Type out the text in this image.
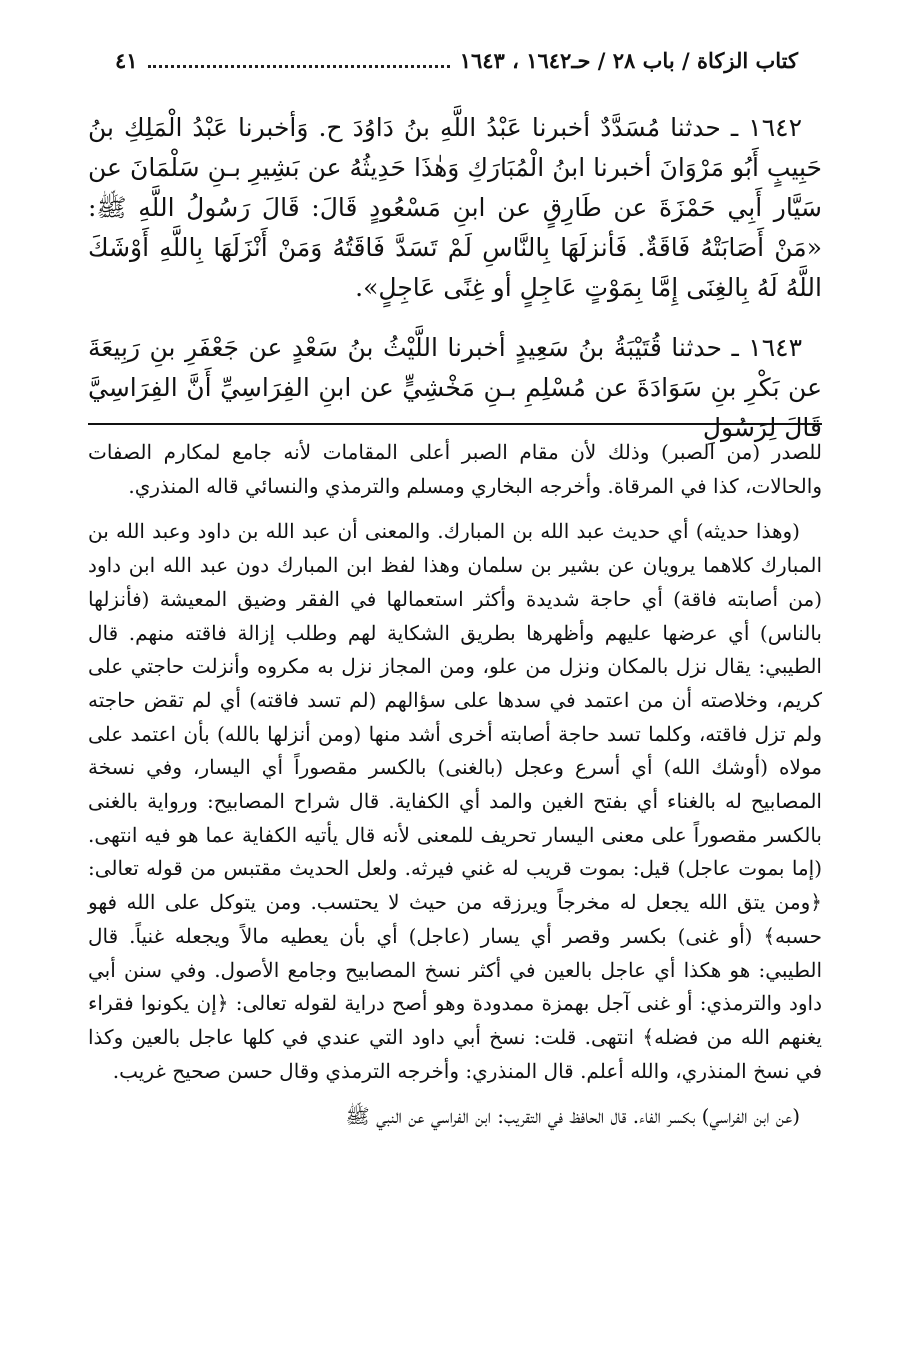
كتاب الزكاة / باب ٢٨ / حـ١٦٤٢ ، ١٦٤٣
٤١

١٦٤٢ ـ حدثنا مُسَدَّدٌ أخبرنا عَبْدُ اللَّهِ بنُ دَاوُدَ ح. وَأخبرنا عَبْدُ الْمَلِكِ بنُ حَبِيبٍ أَبُو مَرْوَانَ أخبرنا ابنُ الْمُبَارَكِ وَهٰذَا حَدِيثُهُ عن بَشِيرِ بـنِ سَلْمَانَ عن سَيَّار أَبِي حَمْزَةَ عن طَارِقٍ عن ابنِ مَسْعُودٍ قَالَ: قَالَ رَسُولُ اللَّهِ ﷺ: «مَنْ أَصَابَتْهُ فَاقَةٌ. فَأنزلَهَا بِالنَّاسِ لَمْ تَسَدَّ فَاقَتُهُ وَمَنْ أَنْزَلَهَا بِاللَّهِ أَوْشَكَ اللَّهُ لَهُ بِالغِنَى إِمَّا بِمَوْتٍ عَاجِلٍ أو غِنًى عَاجِلٍ».

١٦٤٣ ـ حدثنا قُتَيْبَةُ بنُ سَعِيدٍ أخبرنا اللَّيْثُ بنُ سَعْدٍ عن جَعْفَرِ بنِ رَبِيعَةَ عن بَكْرِ بنِ سَوَادَةَ عن مُسْلِمِ بـنِ مَخْشِيٍّ عن ابنِ الفِرَاسِيِّ أَنَّ الفِرَاسِيَّ قَالَ لِرَسُولِ

للصدر (من الصبر) وذلك لأن مقام الصبر أعلى المقامات لأنه جامع لمكارم الصفات والحالات، كذا في المرقاة. وأخرجه البخاري ومسلم والترمذي والنسائي قاله المنذري.

(وهذا حديثه) أي حديث عبد الله بن المبارك. والمعنى أن عبد الله بن داود وعبد الله بن المبارك كلاهما يرويان عن بشير بن سلمان وهذا لفظ ابن المبارك دون عبد الله ابن داود (من أصابته فاقة) أي حاجة شديدة وأكثر استعمالها في الفقر وضيق المعيشة (فأنزلها بالناس) أي عرضها عليهم وأظهرها بطريق الشكاية لهم وطلب إزالة فاقته منهم. قال الطيبي: يقال نزل بالمكان ونزل من علو، ومن المجاز نزل به مكروه وأنزلت حاجتي على كريم، وخلاصته أن من اعتمد في سدها على سؤالهم (لم تسد فاقته) أي لم تقض حاجته ولم تزل فاقته، وكلما تسد حاجة أصابته أخرى أشد منها (ومن أنزلها بالله) بأن اعتمد على مولاه (أوشك الله) أي أسرع وعجل (بالغنى) بالكسر مقصوراً أي اليسار، وفي نسخة المصابيح له بالغناء أي بفتح الغين والمد أي الكفاية. قال شراح المصابيح: ورواية بالغنى بالكسر مقصوراً على معنى اليسار تحريف للمعنى لأنه قال يأتيه الكفاية عما هو فيه انتهى. (إما بموت عاجل) قيل: بموت قريب له غني فيرثه. ولعل الحديث مقتبس من قوله تعالى: ﴿ومن يتق الله يجعل له مخرجاً ويرزقه من حيث لا يحتسب. ومن يتوكل على الله فهو حسبه﴾ (أو غنى) بكسر وقصر أي يسار (عاجل) أي بأن يعطيه مالاً ويجعله غنياً. قال الطيبي: هو هكذا أي عاجل بالعين في أكثر نسخ المصابيح وجامع الأصول. وفي سنن أبي داود والترمذي: أو غنى آجل بهمزة ممدودة وهو أصح دراية لقوله تعالى: ﴿إن يكونوا فقراء يغنهم الله من فضله﴾ انتهى. قلت: نسخ أبي داود التي عندي في كلها عاجل بالعين وكذا في نسخ المنذري، والله أعلم. قال المنذري: وأخرجه الترمذي وقال حسن صحيح غريب.

(عن ابن الفراسي) بكسر الفاء. قال الحافظ في التقريب: ابن الفراسي عن النبي ﷺ
